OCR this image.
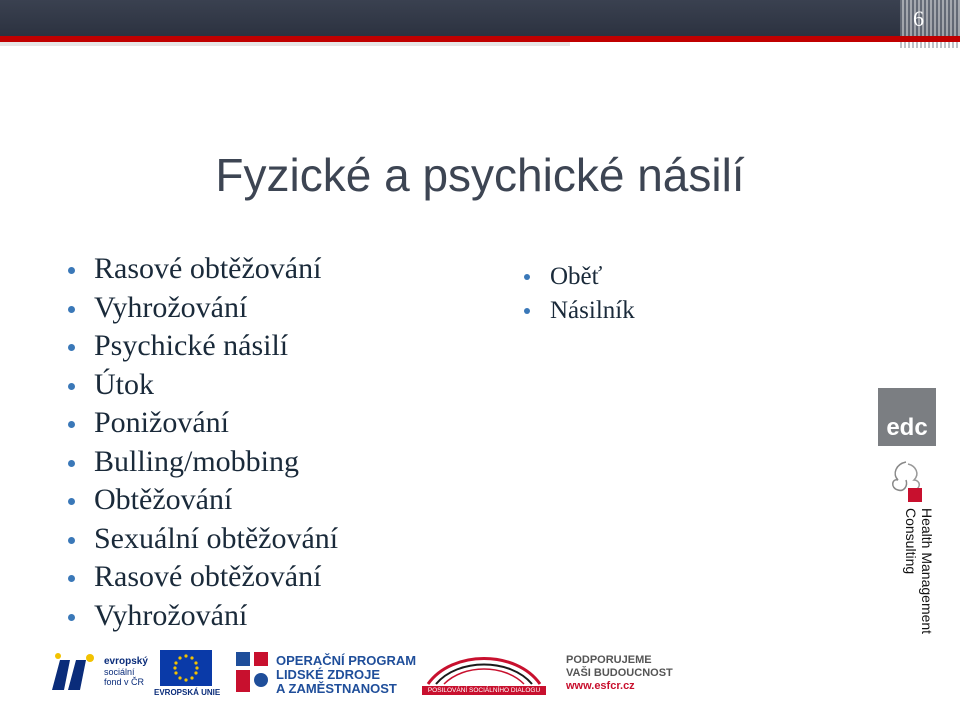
6
Fyzické a psychické násilí
Rasové obtěžování
Vyhrožování
Psychické násilí
Útok
Ponižování
Bulling/mobbing
Obtěžování
Sexuální obtěžování
Rasové obtěžování
Vyhrožování
Oběť
Násilník
edc
Health Management Consulting
evropský
sociální
fond v ČR
EVROPSKÁ UNIE
OPERAČNÍ PROGRAM
LIDSKÉ ZDROJE
A ZAMĚSTNANOST	POSILOVÁNÍ SOCIÁLNÍHO DIALOGU
PODPORUJEME
VAŠI BUDOUCNOST
www.esfcr.cz
